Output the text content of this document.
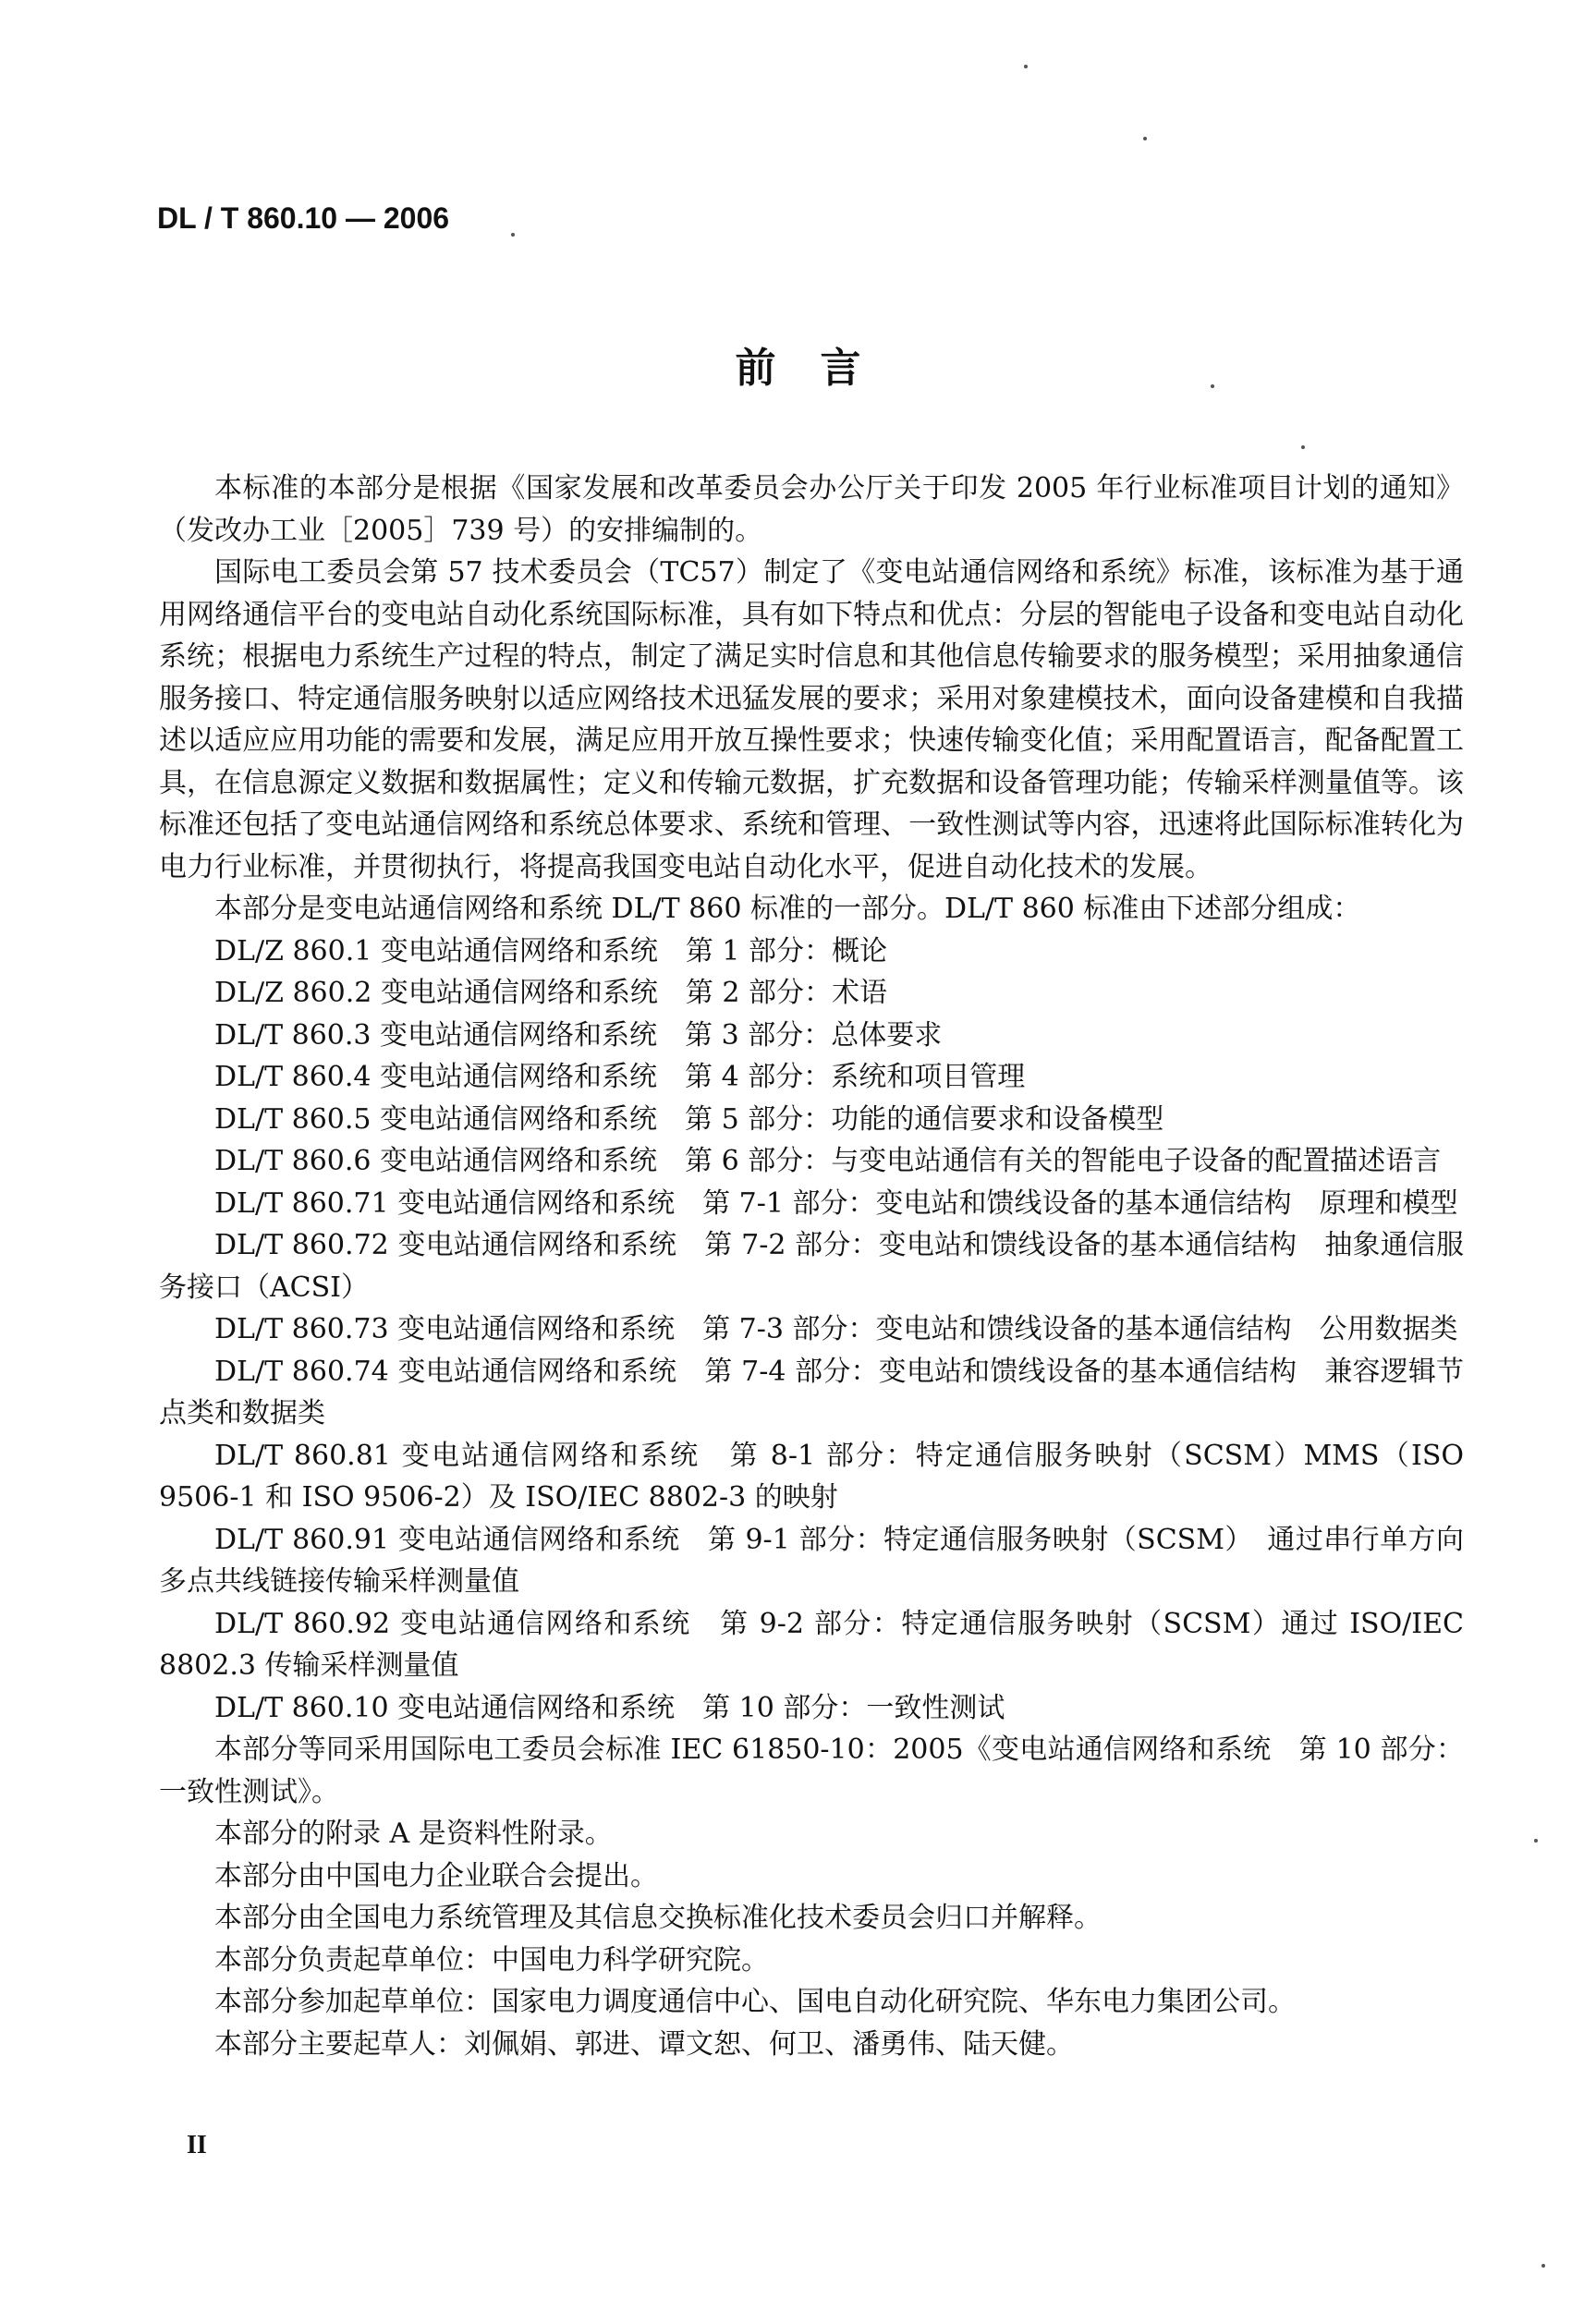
DL / T 860.10 — 2006
前言

本标准的本部分是根据《国家发展和改革委员会办公厅关于印发 2005 年行业标准项目计划的通知》（发改办工业［2005］739 号）的安排编制的。

国际电工委员会第 57 技术委员会（TC57）制定了《变电站通信网络和系统》标准，该标准为基于通用网络通信平台的变电站自动化系统国际标准，具有如下特点和优点：分层的智能电子设备和变电站自动化系统；根据电力系统生产过程的特点，制定了满足实时信息和其他信息传输要求的服务模型；采用抽象通信服务接口、特定通信服务映射以适应网络技术迅猛发展的要求；采用对象建模技术，面向设备建模和自我描述以适应应用功能的需要和发展，满足应用开放互操性要求；快速传输变化值；采用配置语言，配备配置工具，在信息源定义数据和数据属性；定义和传输元数据，扩充数据和设备管理功能；传输采样测量值等。该标准还包括了变电站通信网络和系统总体要求、系统和管理、一致性测试等内容，迅速将此国际标准转化为电力行业标准，并贯彻执行，将提高我国变电站自动化水平，促进自动化技术的发展。

本部分是变电站通信网络和系统 DL/T 860 标准的一部分。DL/T 860 标准由下述部分组成：

DL/Z 860.1 变电站通信网络和系统　第 1 部分：概论
DL/Z 860.2 变电站通信网络和系统　第 2 部分：术语
DL/T 860.3 变电站通信网络和系统　第 3 部分：总体要求
DL/T 860.4 变电站通信网络和系统　第 4 部分：系统和项目管理
DL/T 860.5 变电站通信网络和系统　第 5 部分：功能的通信要求和设备模型
DL/T 860.6 变电站通信网络和系统　第 6 部分：与变电站通信有关的智能电子设备的配置描述语言
DL/T 860.71 变电站通信网络和系统　第 7-1 部分：变电站和馈线设备的基本通信结构　原理和模型
DL/T 860.72 变电站通信网络和系统　第 7-2 部分：变电站和馈线设备的基本通信结构　抽象通信服务接口（ACSI）
DL/T 860.73 变电站通信网络和系统　第 7-3 部分：变电站和馈线设备的基本通信结构　公用数据类
DL/T 860.74 变电站通信网络和系统　第 7-4 部分：变电站和馈线设备的基本通信结构　兼容逻辑节点类和数据类
DL/T 860.81 变电站通信网络和系统　第 8-1 部分：特定通信服务映射（SCSM）MMS（ISO 9506-1 和 ISO 9506-2）及 ISO/IEC 8802-3 的映射
DL/T 860.91 变电站通信网络和系统　第 9-1 部分：特定通信服务映射（SCSM）　通过串行单方向多点共线链接传输采样测量值
DL/T 860.92 变电站通信网络和系统　第 9-2 部分：特定通信服务映射（SCSM）通过 ISO/IEC 8802.3 传输采样测量值
DL/T 860.10 变电站通信网络和系统　第 10 部分：一致性测试

本部分等同采用国际电工委员会标准 IEC 61850-10：2005《变电站通信网络和系统　第 10 部分：一致性测试》。

本部分的附录 A 是资料性附录。

本部分由中国电力企业联合会提出。

本部分由全国电力系统管理及其信息交换标准化技术委员会归口并解释。

本部分负责起草单位：中国电力科学研究院。

本部分参加起草单位：国家电力调度通信中心、国电自动化研究院、华东电力集团公司。

本部分主要起草人：刘佩娟、郭进、谭文恕、何卫、潘勇伟、陆天健。

II
